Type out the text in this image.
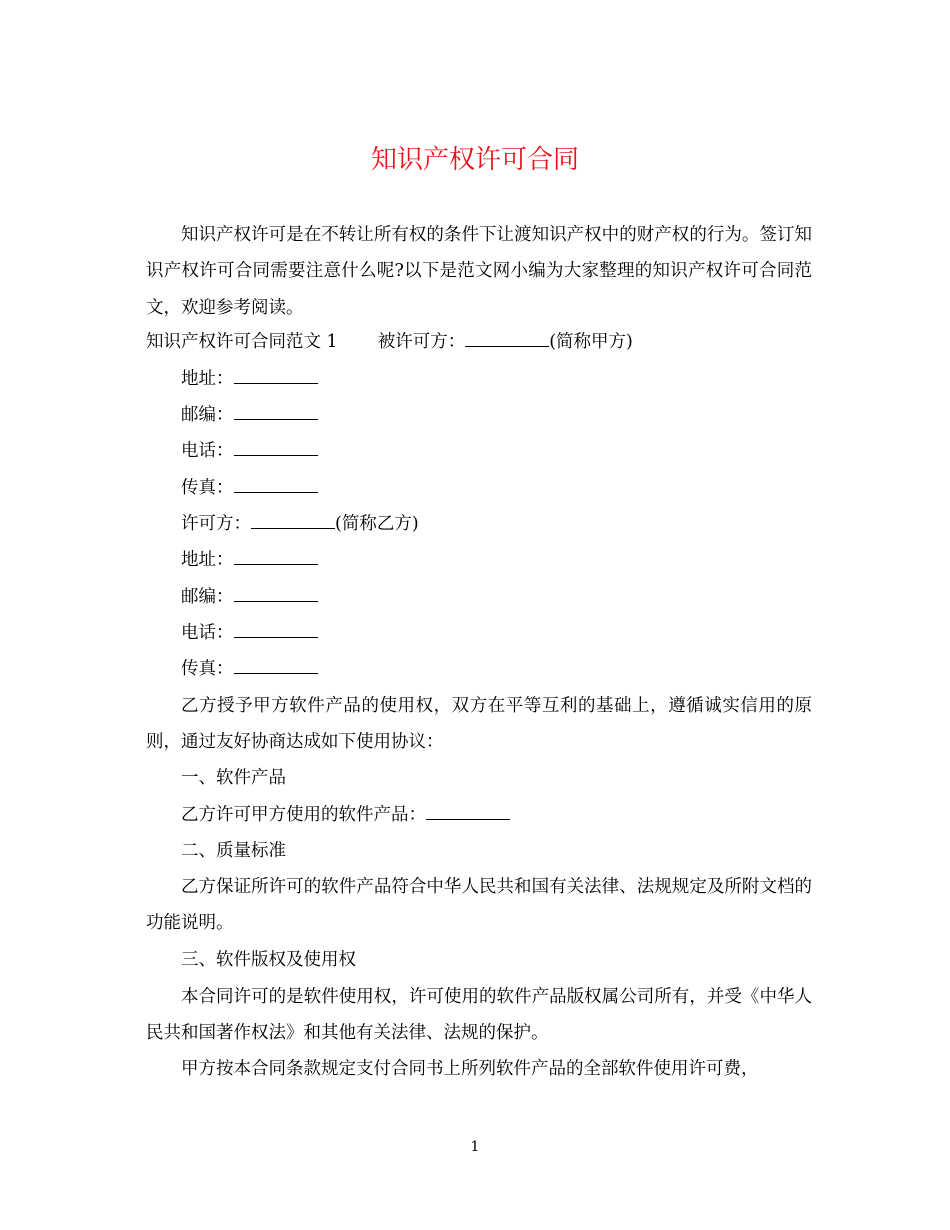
知识产权许可合同

知识产权许可是在不转让所有权的条件下让渡知识产权中的财产权的行为。签订知识产权许可合同需要注意什么呢?以下是范文网小编为大家整理的知识产权许可合同范文，欢迎参考阅读。

知识产权许可合同范文 1 被许可方：	(简称甲方)

地址：

邮编：

电话：

传真：

许可方：	(简称乙方)

地址：

邮编：

电话：

传真：

乙方授予甲方软件产品的使用权，双方在平等互利的基础上，遵循诚实信用的原则，通过友好协商达成如下使用协议：

一、软件产品

乙方许可甲方使用的软件产品：

二、质量标准

乙方保证所许可的软件产品符合中华人民共和国有关法律、法规规定及所附文档的功能说明。

三、软件版权及使用权

本合同许可的是软件使用权，许可使用的软件产品版权属公司所有，并受《中华人民共和国著作权法》和其他有关法律、法规的保护。

甲方按本合同条款规定支付合同书上所列软件产品的全部软件使用许可费，

1
